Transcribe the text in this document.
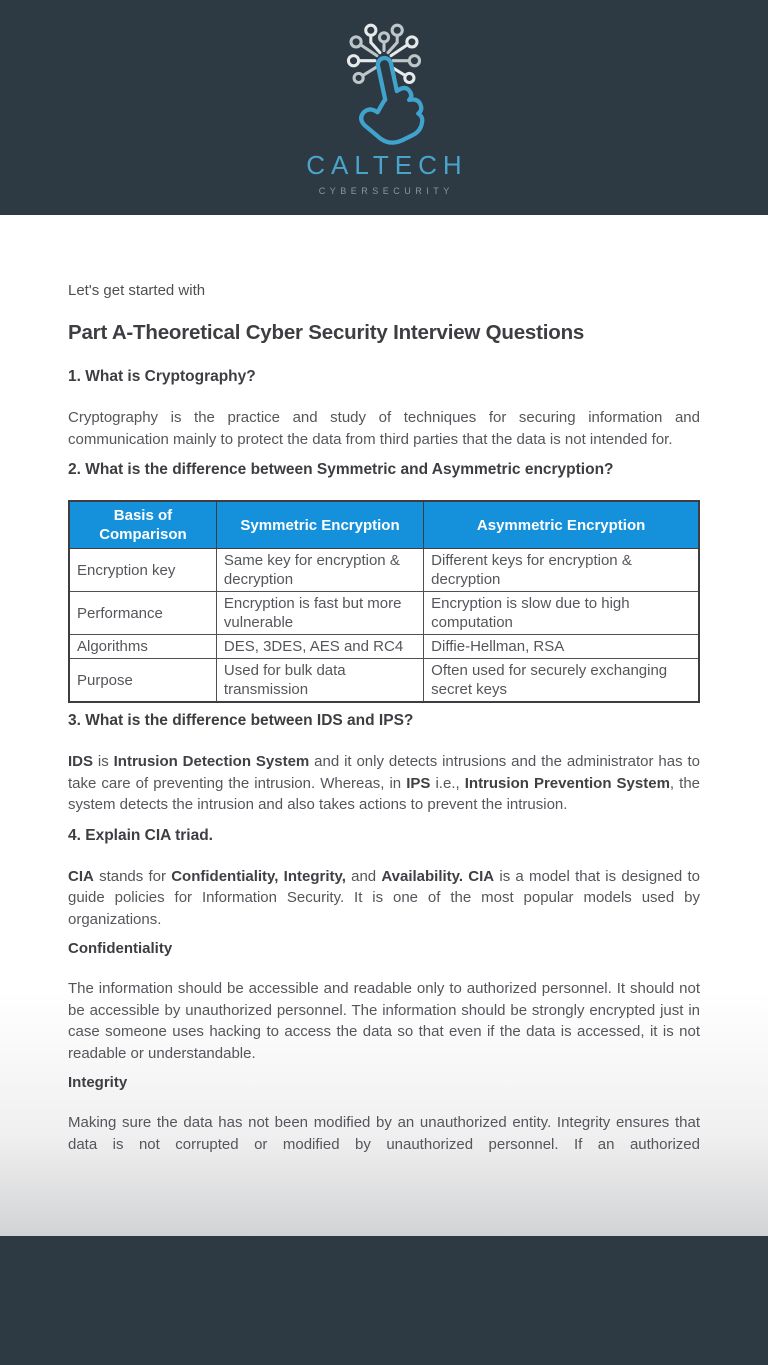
CALTECH
CYBERSECURITY

Let's get started with

Part A-Theoretical Cyber Security Interview Questions
1. What is Cryptography?

Cryptography is the practice and study of techniques for securing information and communication mainly to protect the data from third parties that the data is not intended for.

2. What is the difference between Symmetric and Asymmetric encryption?
Basis of Comparison	Symmetric Encryption	Asymmetric Encryption
Encryption key	Same key for encryption & decryption	Different keys for encryption & decryption
Performance	Encryption is fast but more vulnerable	Encryption is slow due to high computation
Algorithms	DES, 3DES, AES and RC4	Diffie-Hellman, RSA
Purpose	Used for bulk data transmission	Often used for securely exchanging secret keys
3. What is the difference between IDS and IPS?

IDS is Intrusion Detection System and it only detects intrusions and the administrator has to take care of preventing the intrusion. Whereas, in IPS i.e., Intrusion Prevention System, the system detects the intrusion and also takes actions to prevent the intrusion.

4. Explain CIA triad.

CIA stands for Confidentiality, Integrity, and Availability. CIA is a model that is designed to guide policies for Information Security. It is one of the most popular models used by organizations.

Confidentiality

The information should be accessible and readable only to authorized personnel. It should not be accessible by unauthorized personnel. The information should be strongly encrypted just in case someone uses hacking to access the data so that even if the data is accessed, it is not readable or understandable.

Integrity

Making sure the data has not been modified by an unauthorized entity. Integrity ensures that data is not corrupted or modified by unauthorized personnel. If an authorized
